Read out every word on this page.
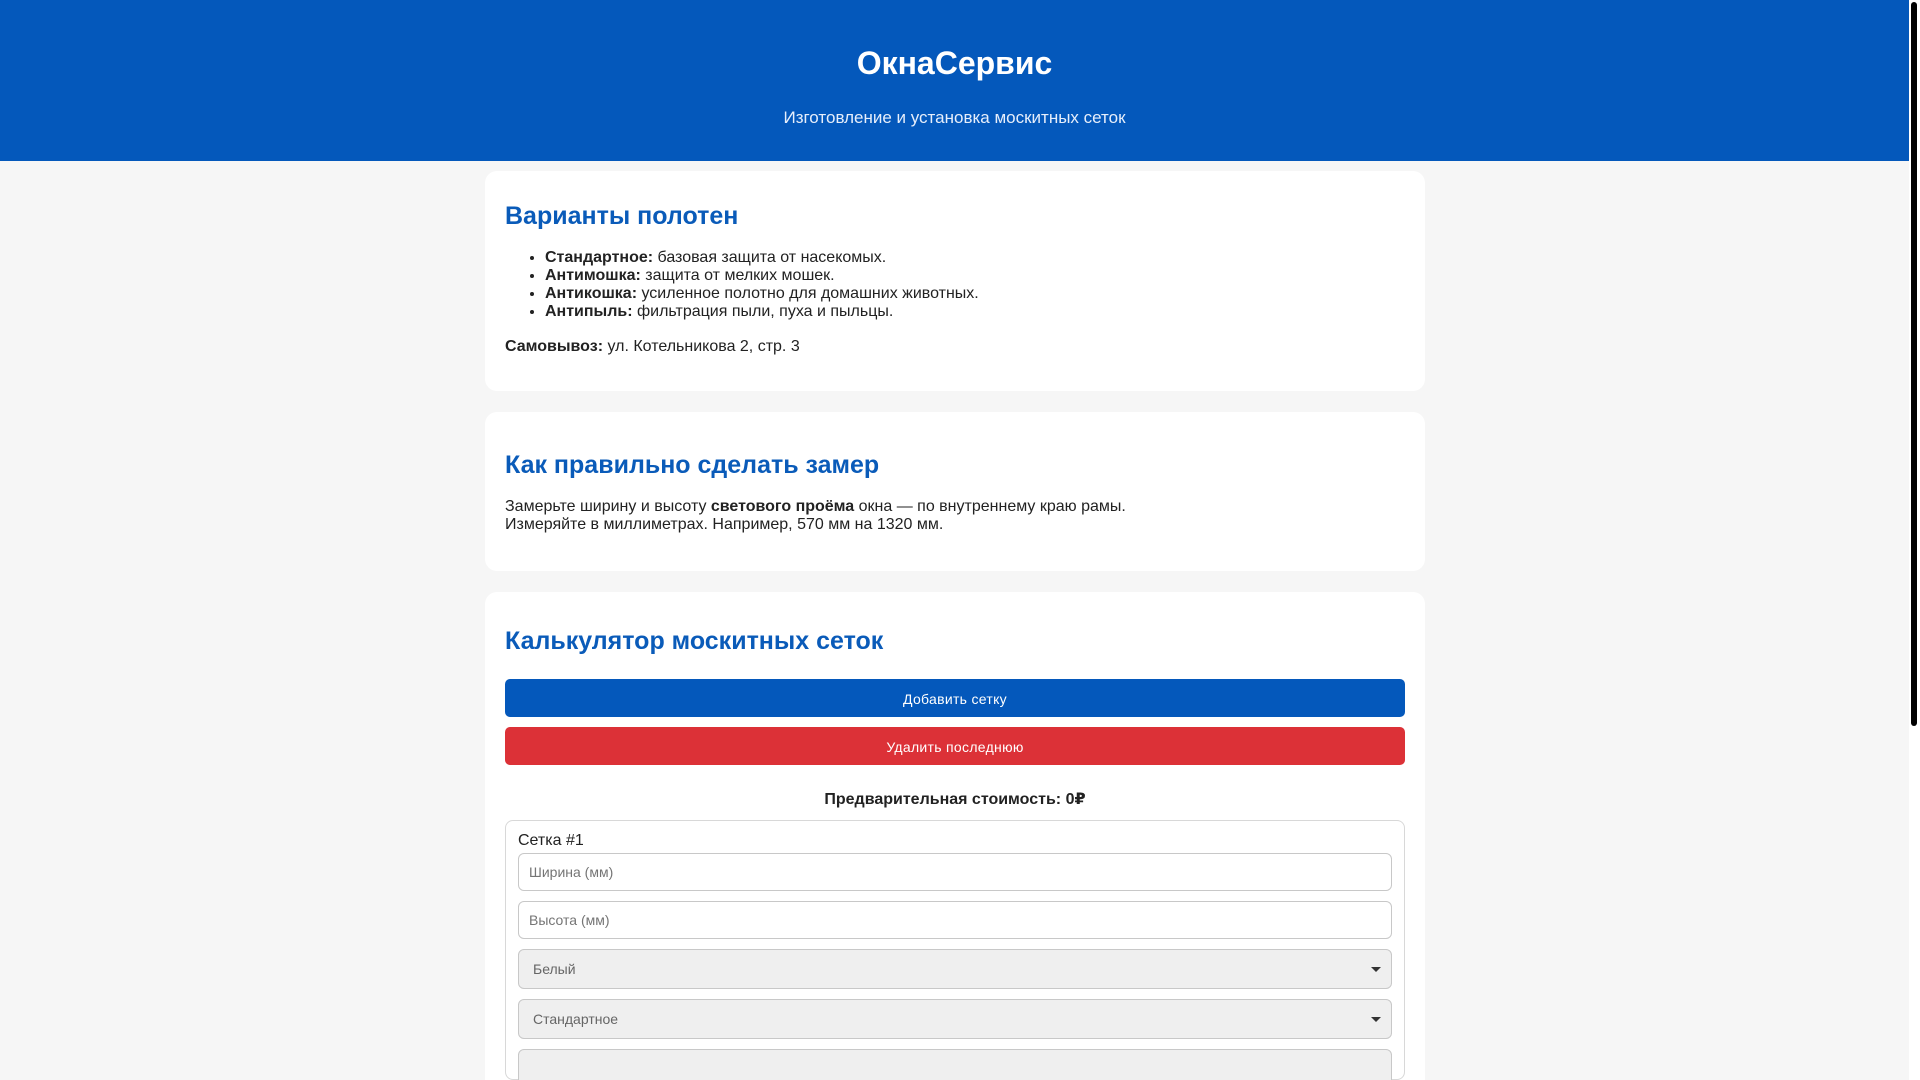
ОкнаСервис

Изготовление и установка москитных сеток

Варианты полотен
• Стандартное: базовая защита от насекомых.
• Антимошка: защита от мелких мошек.
• Антикошка: усиленное полотно для домашних животных.
• Антипыль: фильтрация пыли, пуха и пыльцы.

Самовывоз: ул. Котельникова 2, стр. 3

Как правильно сделать замер

Замерьте ширину и высоту светового проёма окна — по внутреннему краю рамы.
Измеряйте в миллиметрах. Например, 570 мм на 1320 мм.

Калькулятор москитных сеток
Добавить сетку
Удалить последнюю
Предварительная стоимость: 0₽
Сетка #1
Ширина (мм)
Высота (мм)
Белый
Стандартное
